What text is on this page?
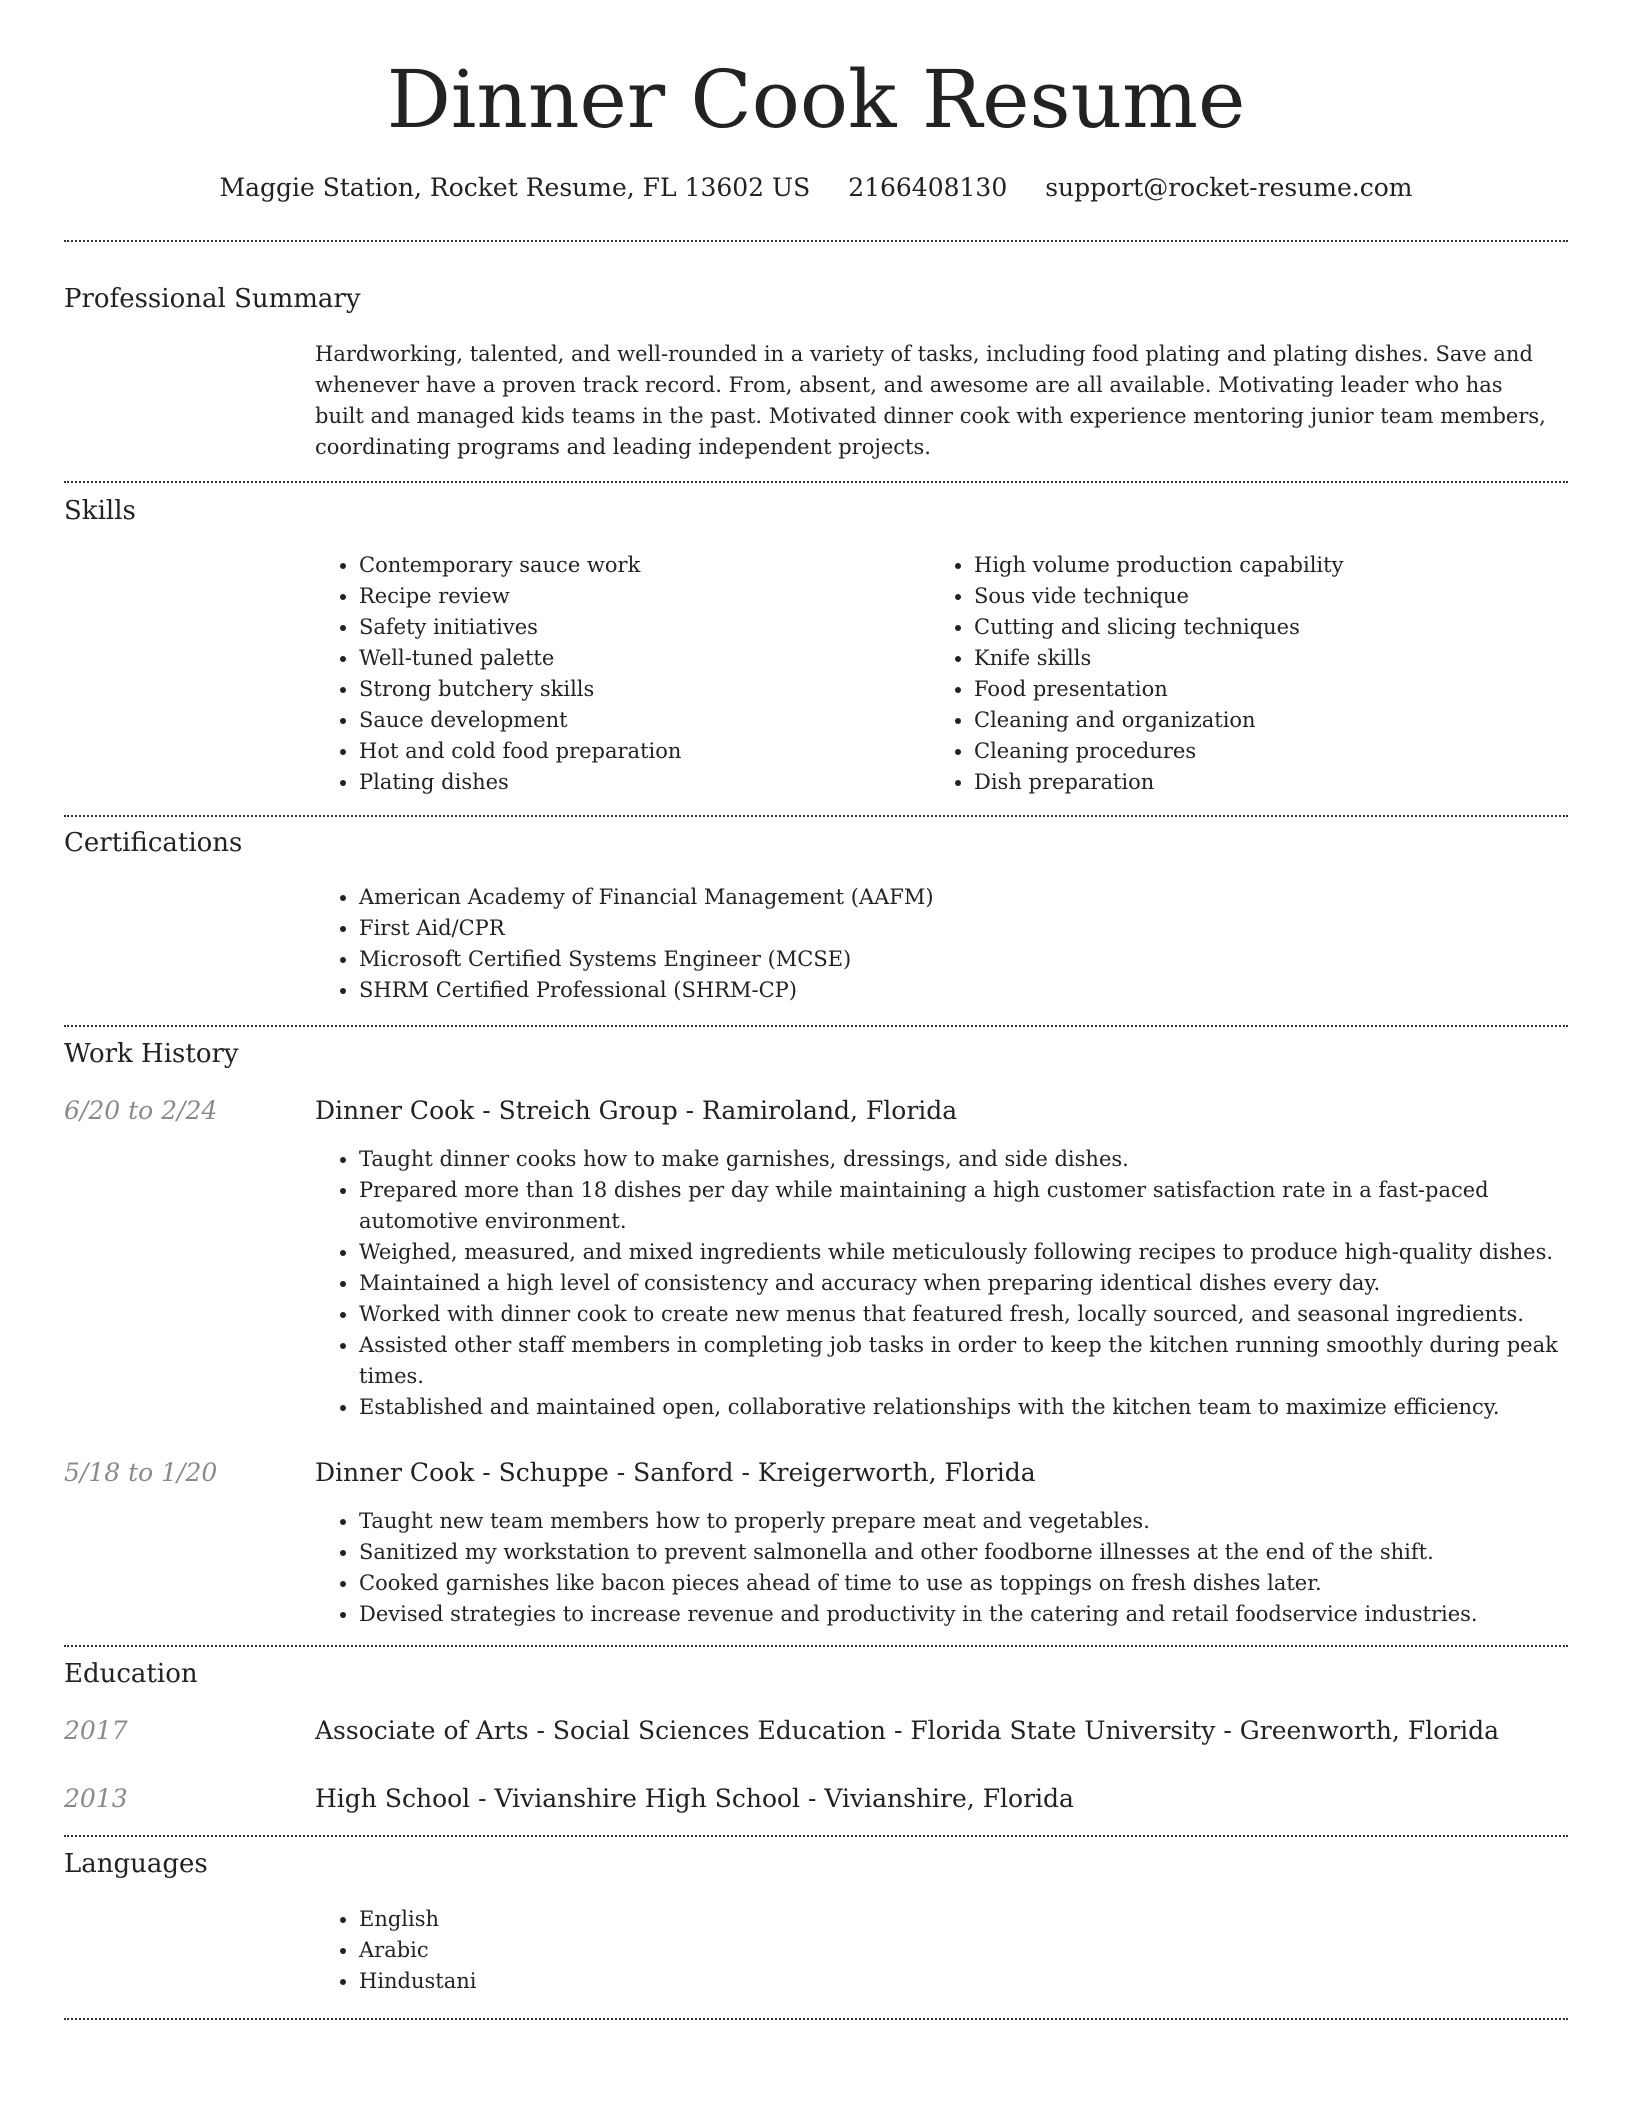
Dinner Cook Resume
Maggie Station, Rocket Resume, FL 13602 US 2166408130 support@rocket-resume.com
Professional Summary
Hardworking, talented, and well-rounded in a variety of tasks, including food plating and plating dishes. Save and whenever have a proven track record. From, absent, and awesome are all available. Motivating leader who has built and managed kids teams in the past. Motivated dinner cook with experience mentoring junior team members, coordinating programs and leading independent projects.
Skills
• Contemporary sauce work
• Recipe review
• Safety initiatives
• Well-tuned palette
• Strong butchery skills
• Sauce development
• Hot and cold food preparation
• Plating dishes
• High volume production capability
• Sous vide technique
• Cutting and slicing techniques
• Knife skills
• Food presentation
• Cleaning and organization
• Cleaning procedures
• Dish preparation
Certifications
• American Academy of Financial Management (AAFM)
• First Aid/CPR
• Microsoft Certified Systems Engineer (MCSE)
• SHRM Certified Professional (SHRM-CP)
Work History
6/20 to 2/24	Dinner Cook - Streich Group - Ramiroland, Florida
• Taught dinner cooks how to make garnishes, dressings, and side dishes.
• Prepared more than 18 dishes per day while maintaining a high customer satisfaction rate in a fast-paced automotive environment.
• Weighed, measured, and mixed ingredients while meticulously following recipes to produce high-quality dishes.
• Maintained a high level of consistency and accuracy when preparing identical dishes every day.
• Worked with dinner cook to create new menus that featured fresh, locally sourced, and seasonal ingredients.
• Assisted other staff members in completing job tasks in order to keep the kitchen running smoothly during peak times.
• Established and maintained open, collaborative relationships with the kitchen team to maximize efficiency.
5/18 to 1/20	Dinner Cook - Schuppe - Sanford - Kreigerworth, Florida
• Taught new team members how to properly prepare meat and vegetables.
• Sanitized my workstation to prevent salmonella and other foodborne illnesses at the end of the shift.
• Cooked garnishes like bacon pieces ahead of time to use as toppings on fresh dishes later.
• Devised strategies to increase revenue and productivity in the catering and retail foodservice industries.
Education
2017	Associate of Arts - Social Sciences Education - Florida State University - Greenworth, Florida
2013	High School - Vivianshire High School - Vivianshire, Florida
Languages
• English
• Arabic
• Hindustani
